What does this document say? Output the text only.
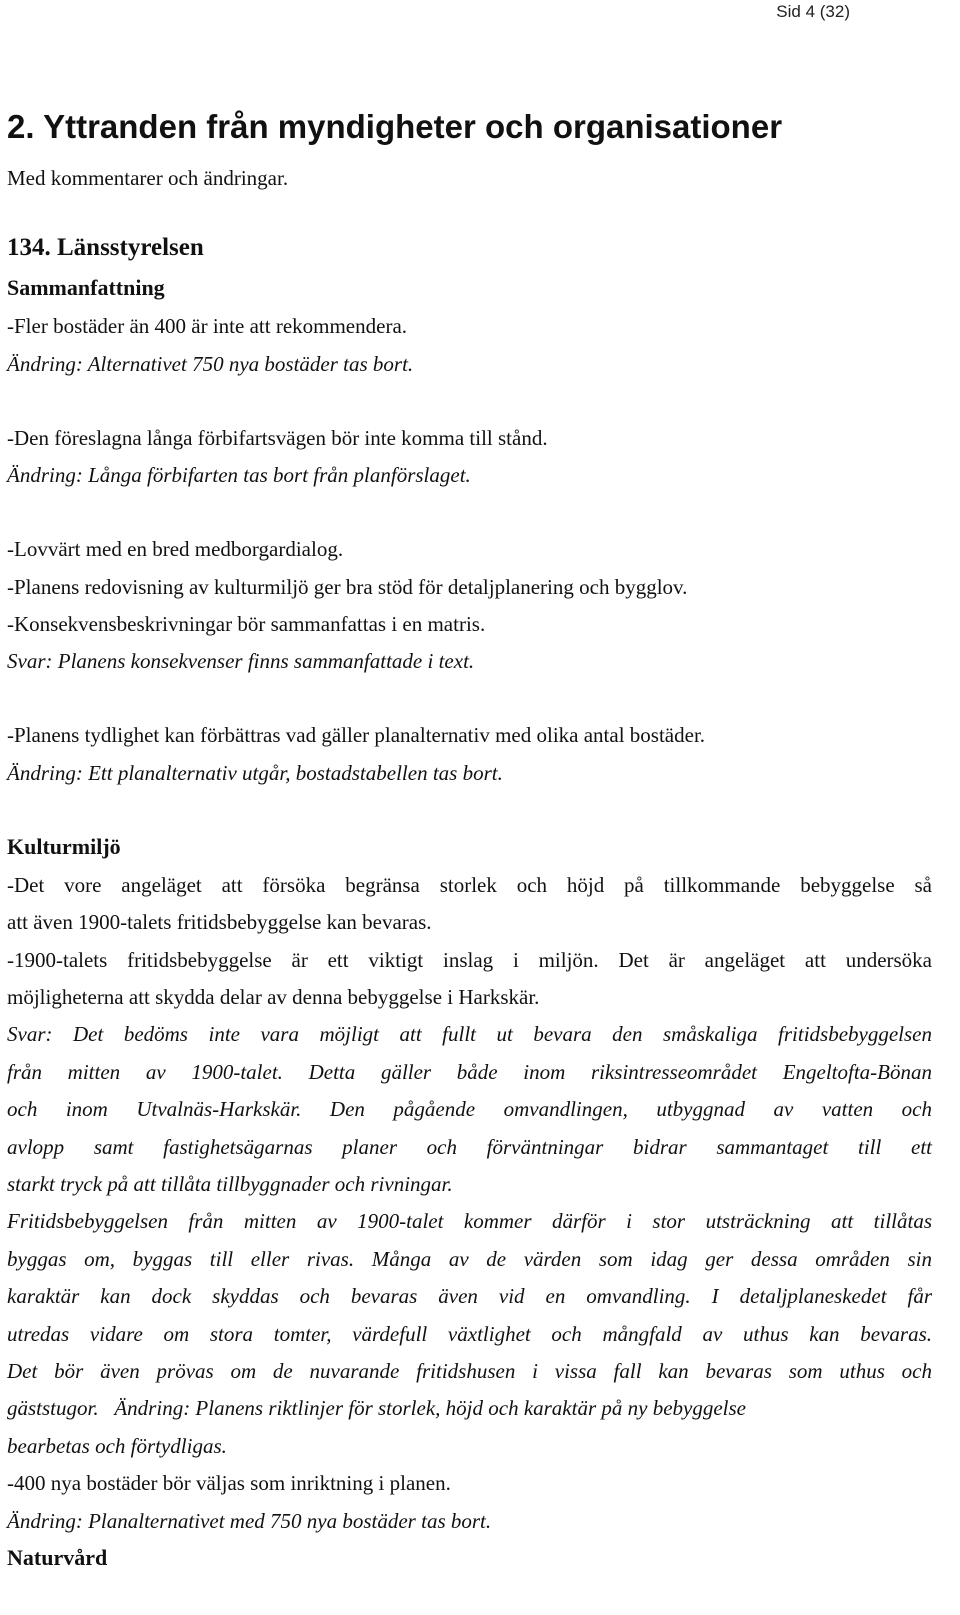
Sid 4 (32)
2. Yttranden från myndigheter och organisationer
Med kommentarer och ändringar.
134. Länsstyrelsen
Sammanfattning
-Fler bostäder än 400 är inte att rekommendera.
Ändring: Alternativet 750 nya bostäder tas bort.
-Den föreslagna långa förbifartsvägen bör inte komma till stånd.
Ändring: Långa förbifarten tas bort från planförslaget.
-Lovvärt med en bred medborgardialog.
-Planens redovisning av kulturmiljö ger bra stöd för detaljplanering och bygglov.
-Konsekvensbeskrivningar bör sammanfattas i en matris.
Svar: Planens konsekvenser finns sammanfattade i text.
-Planens tydlighet kan förbättras vad gäller planalternativ med olika antal bostäder.
Ändring: Ett planalternativ utgår, bostadstabellen tas bort.
Kulturmiljö
-Det vore angeläget att försöka begränsa storlek och höjd på tillkommande bebyggelse så
att även 1900-talets fritidsbebyggelse kan bevaras.
-1900-talets fritidsbebyggelse är ett viktigt inslag i miljön. Det är angeläget att undersöka
möjligheterna att skydda delar av denna bebyggelse i Harkskär.
Svar: Det bedöms inte vara möjligt att fullt ut bevara den småskaliga fritidsbebyggelsen
från mitten av 1900-talet. Detta gäller både inom riksintresseområdet Engeltofta-Bönan
och inom Utvalnäs-Harkskär. Den pågående omvandlingen, utbyggnad av vatten och
avlopp samt fastighetsägarnas planer och förväntningar bidrar sammantaget till ett
starkt tryck på att tillåta tillbyggnader och rivningar.
Fritidsbebyggelsen från mitten av 1900-talet kommer därför i stor utsträckning att tillåtas
byggas om, byggas till eller rivas. Många av de värden som idag ger dessa områden sin
karaktär kan dock skyddas och bevaras även vid en omvandling. I detaljplaneskedet får
utredas vidare om stora tomter, värdefull växtlighet och mångfald av uthus kan bevaras.
Det bör även prövas om de nuvarande fritidshusen i vissa fall kan bevaras som uthus och
gäststugor.   Ändring: Planens riktlinjer för storlek, höjd och karaktär på ny bebyggelse
bearbetas och förtydligas.
-400 nya bostäder bör väljas som inriktning i planen.
Ändring: Planalternativet med 750 nya bostäder tas bort.
Naturvård
